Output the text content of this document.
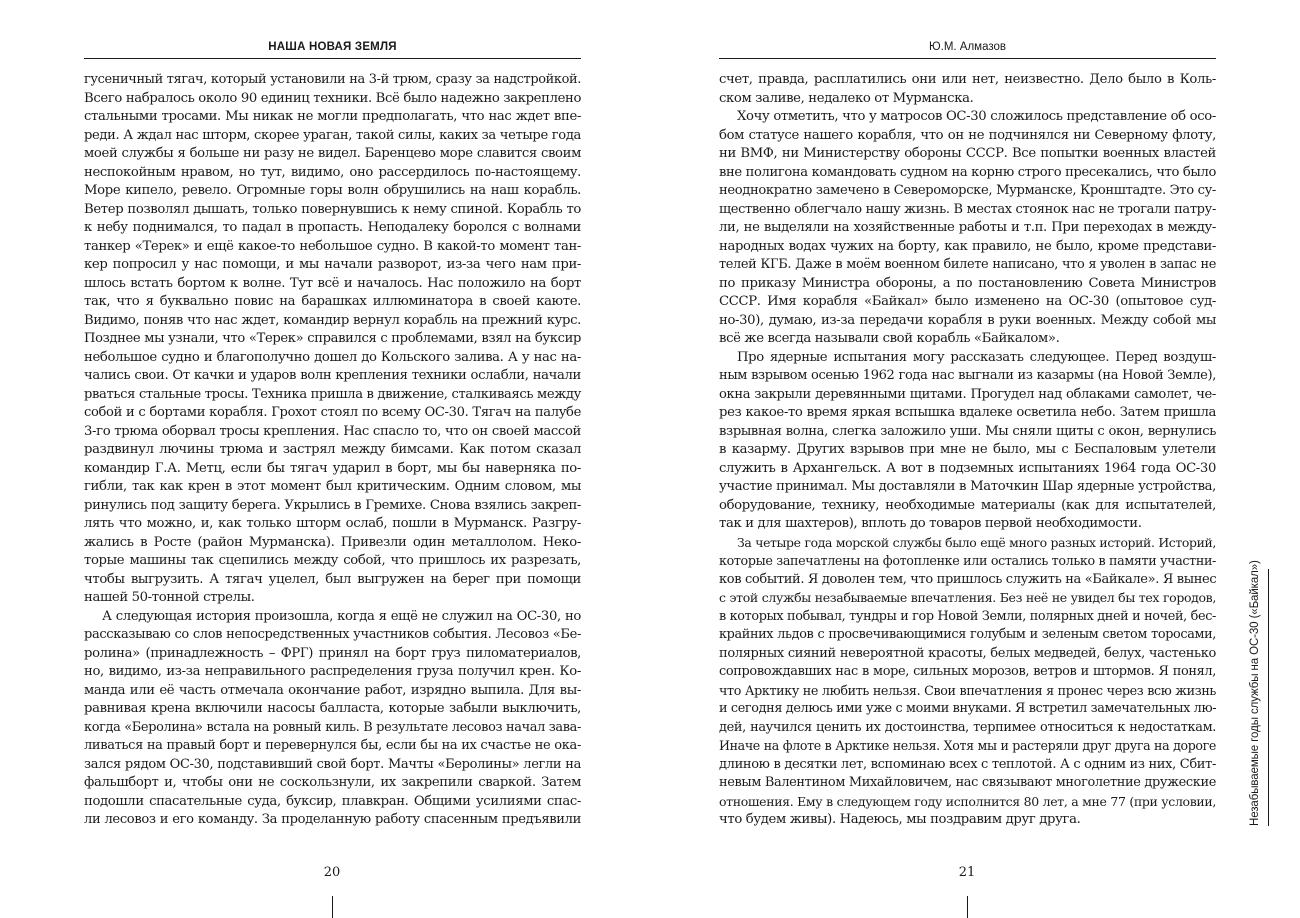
НАША НОВАЯ ЗЕМЛЯ	Ю.М. Алмазов
гусеничный тягач, который установили на 3-й трюм, сразу за надстройкой.
Всего набралось около 90 единиц техники. Всё было надежно закреплено
стальными тросами. Мы никак не могли предполагать, что нас ждет впе-
реди. А ждал нас шторм, скорее ураган, такой силы, каких за четыре года
моей службы я больше ни разу не видел. Баренцево море славится своим
неспокойным нравом, но тут, видимо, оно рассердилось по-настоящему.
Море кипело, ревело. Огромные горы волн обрушились на наш корабль.
Ветер позволял дышать, только повернувшись к нему спиной. Корабль то
к небу поднимался, то падал в пропасть. Неподалеку боролся с волнами
танкер «Терек» и ещё какое-то небольшое судно. В какой-то момент тан-
кер попросил у нас помощи, и мы начали разворот, из-за чего нам при-
шлось встать бортом к волне. Тут всё и началось. Нас положило на борт
так, что я буквально повис на барашках иллюминатора в своей каюте.
Видимо, поняв что нас ждет, командир вернул корабль на прежний курс.
Позднее мы узнали, что «Терек» справился с проблемами, взял на буксир
небольшое судно и благополучно дошел до Кольского залива. А у нас на-
чались свои. От качки и ударов волн крепления техники ослабли, начали
рваться стальные тросы. Техника пришла в движение, сталкиваясь между
собой и с бортами корабля. Грохот стоял по всему ОС-30. Тягач на палубе
3-го трюма оборвал тросы крепления. Нас спасло то, что он своей массой
раздвинул лючины трюма и застрял между бимсами. Как потом сказал
командир Г.А. Метц, если бы тягач ударил в борт, мы бы наверняка по-
гибли, так как крен в этот момент был критическим. Одним словом, мы
ринулись под защиту берега. Укрылись в Гремихе. Снова взялись закреп-
лять что можно, и, как только шторм ослаб, пошли в Мурманск. Разгру-
жались в Росте (район Мурманска). Привезли один металлолом. Неко-
торые машины так сцепились между собой, что пришлось их разрезать,
чтобы выгрузить. А тягач уцелел, был выгружен на берег при помощи
нашей 50-тонной стрелы.
А следующая история произошла, когда я ещё не служил на ОС-30, но
рассказываю со слов непосредственных участников события. Лесовоз «Бе-
ролина» (принадлежность – ФРГ) принял на борт груз пиломатериалов,
но, видимо, из-за неправильного распределения груза получил крен. Ко-
манда или её часть отмечала окончание работ, изрядно выпила. Для вы-
равнивая крена включили насосы балласта, которые забыли выключить,
когда «Беролина» встала на ровный киль. В результате лесовоз начал зава-
ливаться на правый борт и перевернулся бы, если бы на их счастье не ока-
зался рядом ОС-30, подставивший свой борт. Мачты «Беролины» легли на
фальшборт и, чтобы они не соскользнули, их закрепили сваркой. Затем
подошли спасательные суда, буксир, плавкран. Общими усилиями спас-
ли лесовоз и его команду. За проделанную работу спасенным предъявили
счет, правда, расплатились они или нет, неизвестно. Дело было в Коль-
ском заливе, недалеко от Мурманска.
Хочу отметить, что у матросов ОС-30 сложилось представление об осо-
бом статусе нашего корабля, что он не подчинялся ни Северному флоту,
ни ВМФ, ни Министерству обороны СССР. Все попытки военных властей
вне полигона командовать судном на корню строго пресекались, что было
неоднократно замечено в Североморске, Мурманске, Кронштадте. Это су-
щественно облегчало нашу жизнь. В местах стоянок нас не трогали патру-
ли, не выделяли на хозяйственные работы и т.п. При переходах в между-
народных водах чужих на борту, как правило, не было, кроме представи-
телей КГБ. Даже в моём военном билете написано, что я уволен в запас не
по приказу Министра обороны, а по постановлению Совета Министров
СССР. Имя корабля «Байкал» было изменено на ОС-30 (опытовое суд-
но-30), думаю, из-за передачи корабля в руки военных. Между собой мы
всё же всегда называли свой корабль «Байкалом».
Про ядерные испытания могу рассказать следующее. Перед воздуш-
ным взрывом осенью 1962 года нас выгнали из казармы (на Новой Земле),
окна закрыли деревянными щитами. Прогудел над облаками самолет, че-
рез какое-то время яркая вспышка вдалеке осветила небо. Затем пришла
взрывная волна, слегка заложило уши. Мы сняли щиты с окон, вернулись
в казарму. Других взрывов при мне не было, мы с Беспаловым улетели
служить в Архангельск. А вот в подземных испытаниях 1964 года ОС-30
участие принимал. Мы доставляли в Маточкин Шар ядерные устройства,
оборудование, технику, необходимые материалы (как для испытателей,
так и для шахтеров), вплоть до товаров первой необходимости.
За четыре года морской службы было ещё много разных историй. Историй,
которые запечатлены на фотопленке или остались только в памяти участни-
ков событий. Я доволен тем, что пришлось служить на «Байкале». Я вынес
с этой службы незабываемые впечатления. Без неё не увидел бы тех городов,
в которых побывал, тундры и гор Новой Земли, полярных дней и ночей, бес-
крайних льдов с просвечивающимися голубым и зеленым светом торосами,
полярных сияний невероятной красоты, белых медведей, белух, частенько
сопровождавших нас в море, сильных морозов, ветров и штормов. Я понял,
что Арктику не любить нельзя. Свои впечатления я пронес через всю жизнь
и сегодня делюсь ими уже с моими внуками. Я встретил замечательных лю-
дей, научился ценить их достоинства, терпимее относиться к недостаткам.
Иначе на флоте в Арктике нельзя. Хотя мы и растеряли друг друга на дороге
длиною в десятки лет, вспоминаю всех с теплотой. А с одним из них, Сбит-
невым Валентином Михайловичем, нас связывают многолетние дружеские
отношения. Ему в следующем году исполнится 80 лет, а мне 77 (при условии,
что будем живы). Надеюсь, мы поздравим друг друга.
20	21
Незабываемые годы службы на ОС-30 («Байкал»)
